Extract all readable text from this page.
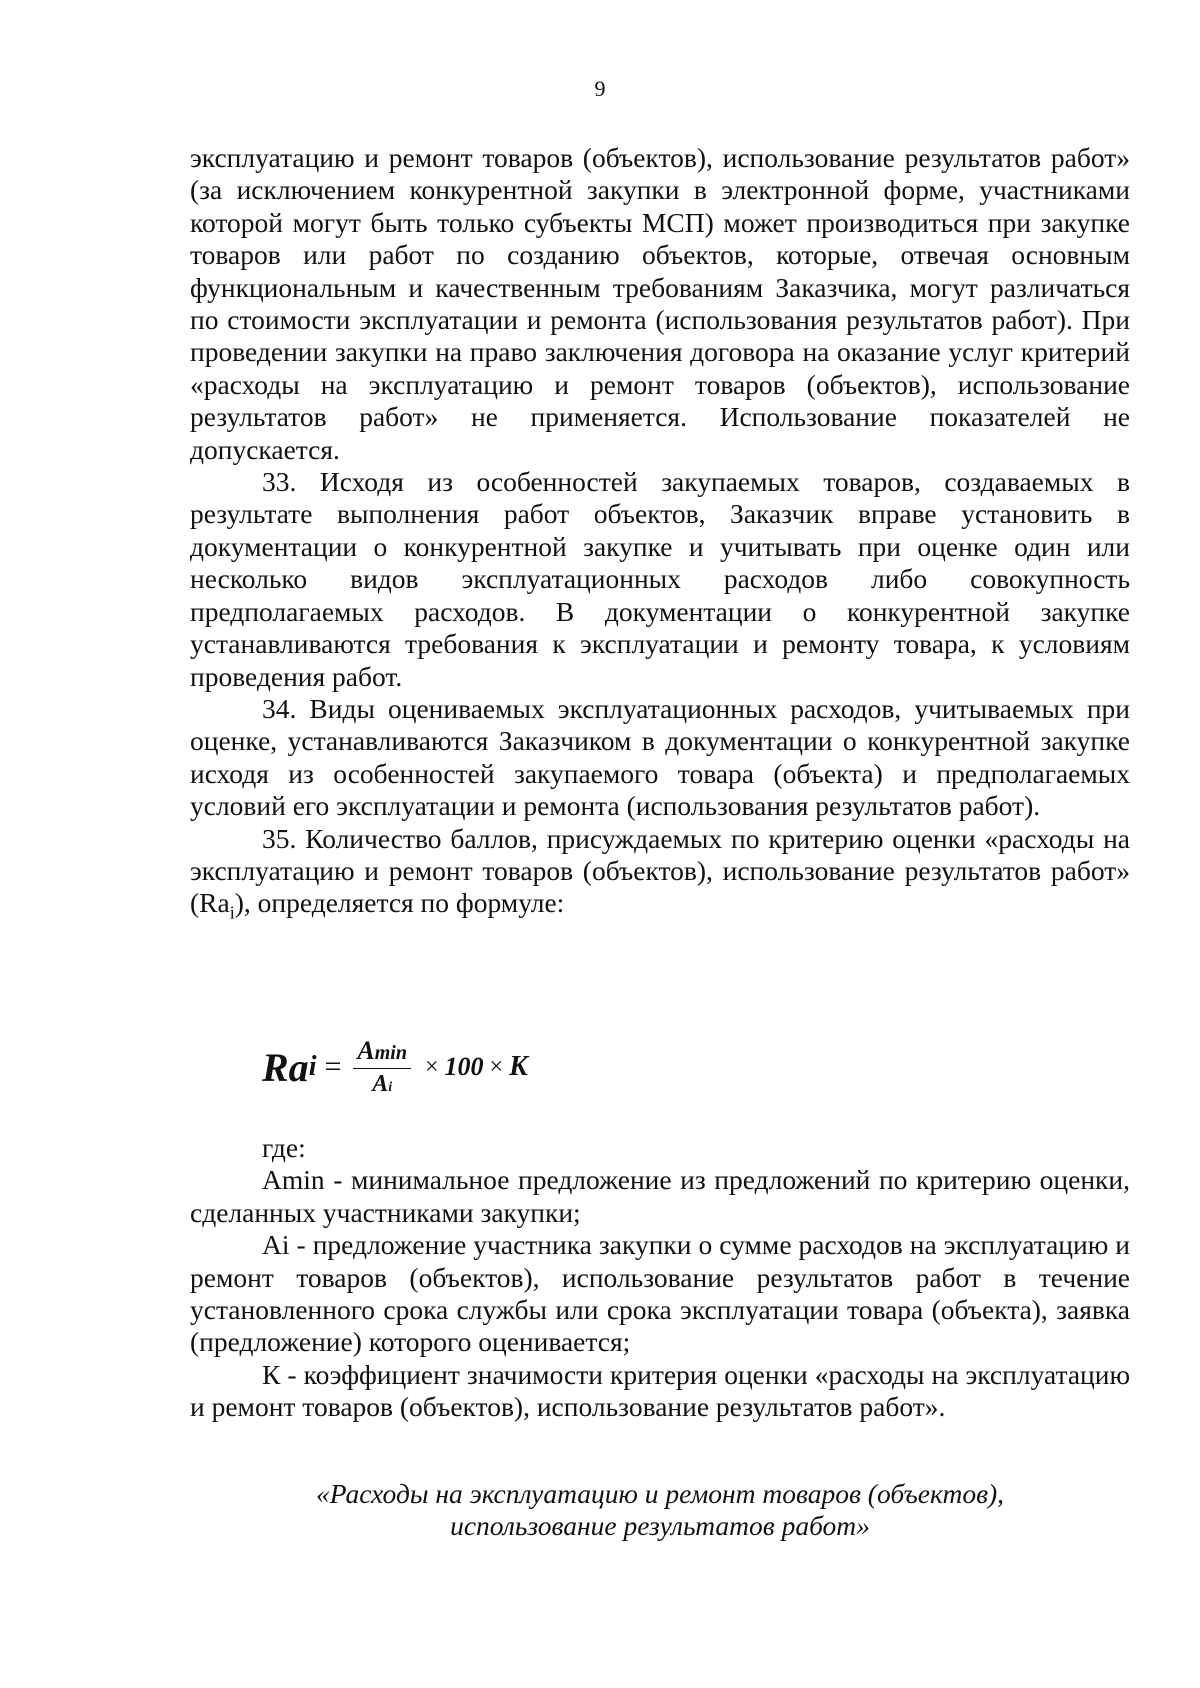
9

эксплуатацию и ремонт товаров (объектов), использование результатов работ» (за исключением конкурентной закупки в электронной форме, участниками которой могут быть только субъекты МСП) может производиться при закупке товаров или работ по созданию объектов, которые, отвечая основным функциональным и качественным требованиям Заказчика, могут различаться по стоимости эксплуатации и ремонта (использования результатов работ). При проведении закупки на право заключения договора на оказание услуг критерий «расходы на эксплуатацию и ремонт товаров (объектов), использование результатов работ» не применяется. Использование показателей не допускается.

33. Исходя из особенностей закупаемых товаров, создаваемых в результате выполнения работ объектов, Заказчик вправе установить в документации о конкурентной закупке и учитывать при оценке один или несколько видов эксплуатационных расходов либо совокупность предполагаемых расходов. В документации о конкурентной закупке устанавливаются требования к эксплуатации и ремонту товара, к условиям проведения работ.

34. Виды оцениваемых эксплуатационных расходов, учитываемых при оценке, устанавливаются Заказчиком в документации о конкурентной закупке исходя из особенностей закупаемого товара (объекта) и предполагаемых условий его эксплуатации и ремонта (использования результатов работ).

35. Количество баллов, присуждаемых по критерию оценки «расходы на эксплуатацию и ремонт товаров (объектов), использование результатов работ» $(Ra_i)$, определяется по формуле:

Ra $i = \frac{Amin}{Ai} \times 100 \times K$

где:

Amin - минимальное предложение из предложений по критерию оценки, сделанных участниками закупки;

Ai - предложение участника закупки о сумме расходов на эксплуатацию и ремонт товаров (объектов), использование результатов работ в течение установленного срока службы или срока эксплуатации товара (объекта), заявка (предложение) которого оценивается;

К - коэффициент значимости критерия оценки «расходы на эксплуатацию и ремонт товаров (объектов), использование результатов работ».

«Расходы на эксплуатацию и ремонт товаров (объектов),
использование результатов работ»
